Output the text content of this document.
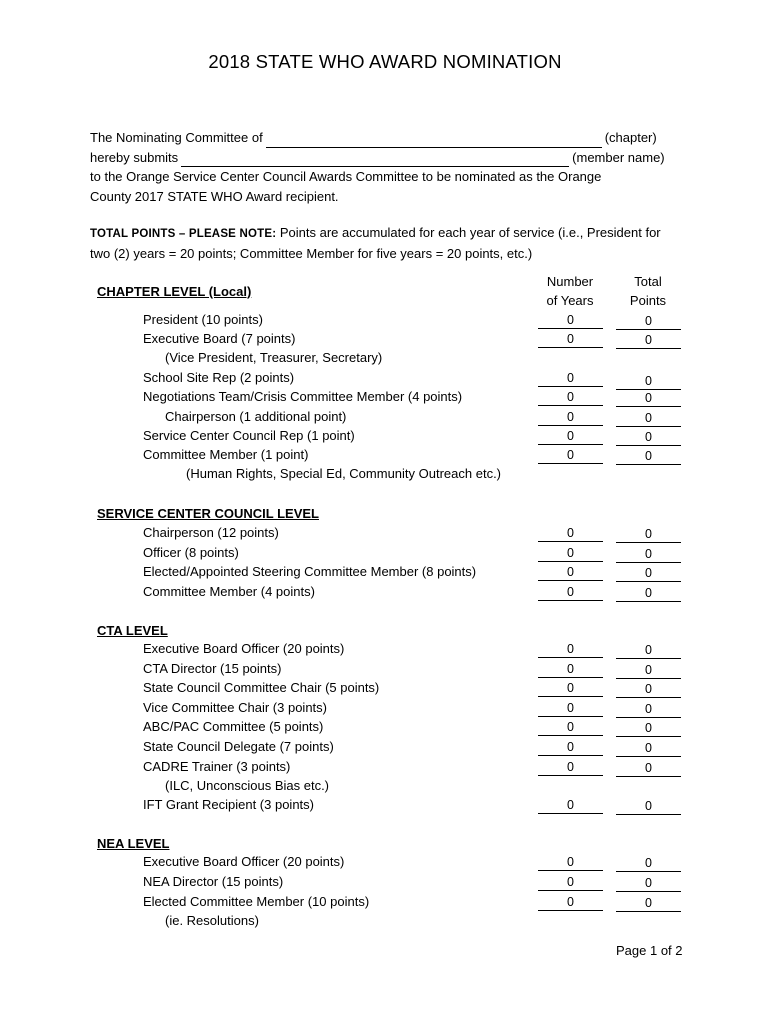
2018 STATE WHO AWARD NOMINATION
The Nominating Committee of	(chapter)
hereby submits	(member name)
to the Orange Service Center Council Awards Committee to be nominated as the Orange
County 2017 STATE WHO Award recipient.
TOTAL POINTS – PLEASE NOTE: Points are accumulated for each year of service (i.e., President for two (2) years = 20 points; Committee Member for five years = 20 points, etc.)
Number
of Years
Total
Points
CHAPTER LEVEL (Local)
President (10 points)	0	0
Executive Board (7 points)	0	0
(Vice President, Treasurer, Secretary)
School Site Rep (2 points)	0	0
Negotiations Team/Crisis Committee Member (4 points)	0	0
Chairperson (1 additional point)	0	0
Service Center Council Rep (1 point)	0	0
Committee Member (1 point)	0	0
(Human Rights, Special Ed, Community Outreach etc.)
SERVICE CENTER COUNCIL LEVEL
Chairperson (12 points)	0	0
Officer (8 points)	0	0
Elected/Appointed Steering Committee Member (8 points)	0	0
Committee Member (4 points)	0	0
CTA LEVEL
Executive Board Officer (20 points)	0	0
CTA Director (15 points)	0	0
State Council Committee Chair (5 points)	0	0
Vice Committee Chair (3 points)	0	0
ABC/PAC Committee (5 points)	0	0
State Council Delegate (7 points)	0	0
CADRE Trainer (3 points)	0	0
(ILC, Unconscious Bias etc.)
IFT Grant Recipient (3 points)	0	0
NEA LEVEL
Executive Board Officer (20 points)	0	0
NEA Director (15 points)	0	0
Elected Committee Member (10 points)	0	0
(ie. Resolutions)
Page 1 of 2
